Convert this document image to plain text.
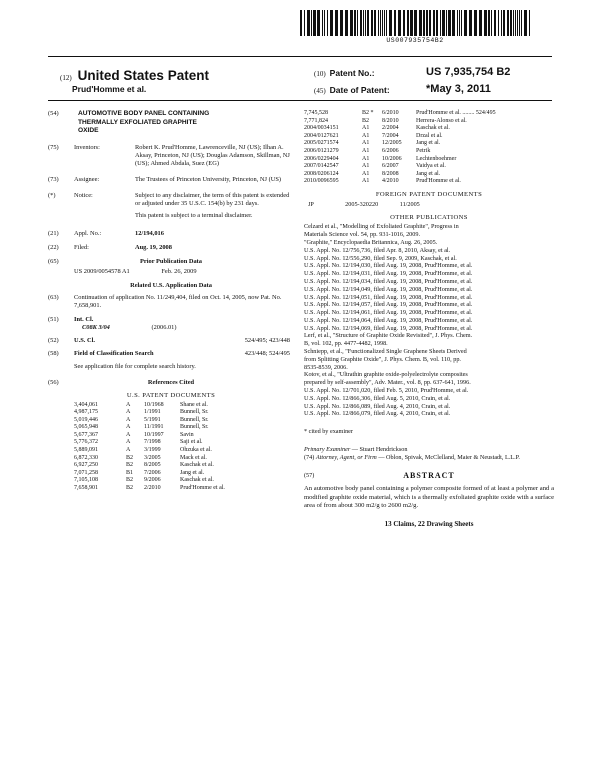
US007935754B2
(12) United States Patent
Prud'Homme et al.
(10) Patent No.:	US 7,935,754 B2
(45) Date of Patent:	*May 3, 2011
(54)	AUTOMOTIVE BODY PANEL CONTAINING
THERMALLY EXFOLIATED GRAPHITE
OXIDE
(75)	Inventors:	Robert K. Prud'Homme, Lawrenceville, NJ (US); Ilhan A. Aksay, Princeton, NJ (US); Douglas Adamson, Skillman, NJ (US); Ahmed Abdala, Suez (EG)
(73)	Assignee:	The Trustees of Princeton University, Princeton, NJ (US)
(*)	Notice:	Subject to any disclaimer, the term of this patent is extended or adjusted under 35 U.S.C. 154(b) by 231 days.
This patent is subject to a terminal disclaimer.
(21)	Appl. No.:	12/194,016
(22)	Filed:	Aug. 19, 2008
(65)	Prior Publication Data
US 2009/0054578 A1	Feb. 26, 2009
Related U.S. Application Data
(63)	Continuation of application No. 11/249,404, filed on Oct. 14, 2005, now Pat. No. 7,658,901.
(51)	Int. Cl.
C08K 3/04	(2006.01)
(52)	U.S. Cl.	524/495; 423/448
(58)	Field of Classification Search	423/448; 524/495
See application file for complete search history.
(56)	References Cited
U.S. PATENT DOCUMENTS
3,404,061	A	10/1968	Shane et al.
4,987,175	A	1/1991	Bunnell, Sr.
5,019,446	A	5/1991	Bunnell, Sr.
5,065,948	A	11/1991	Bunnell, Sr.
5,677,367	A	10/1997	Savin
5,776,372	A	7/1998	Saji et al.
5,889,091	A	3/1999	Ohzuka et al.
6,872,330	B2	3/2005	Mack et al.
6,927,250	B2	8/2005	Kaschak et al.
7,071,258	B1	7/2006	Jang et al.
7,105,108	B2	9/2006	Kaschak et al.
7,658,901	B2	2/2010	Prud'Homme et al.
7,745,528	B2 *	6/2010	Prud'Homme et al. ........ 524/495
7,771,824	B2	8/2010	Herrera-Alonso et al.
2004/0034151	A1	2/2004	Kaschak et al.
2004/0127621	A1	7/2004	Drzal et al.
2005/0271574	A1	12/2005	Jang et al.
2006/0121279	A1	6/2006	Petrik
2006/0229404	A1	10/2006	Lechtenboehmer
2007/0142547	A1	6/2007	Vaidya et al.
2008/0206124	A1	8/2008	Jang et al.
2010/0096595	A1	4/2010	Prud'Homme et al.
FOREIGN PATENT DOCUMENTS
JP	2005-320220	11/2005
OTHER PUBLICATIONS
Celzard et al., "Modelling of Exfoliated Graphite", Progress in
Materials Science vol. 54, pp. 931-1016, 2009.
"Graphite," Encyclopaedia Britannica, Aug. 26, 2005.
U.S. Appl. No. 12/756,736, filed Apr. 8, 2010, Aksay, et al.
U.S. Appl. No. 12/556,290, filed Sep. 9, 2009, Kaschak, et al.
U.S. Appl. No. 12/194,030, filed Aug. 19, 2008, Prud'Homme, et al.
U.S. Appl. No. 12/194,031, filed Aug. 19, 2008, Prud'Homme, et al.
U.S. Appl. No. 12/194,034, filed Aug. 19, 2008, Prud'Homme, et al.
U.S. Appl. No. 12/194,049, filed Aug. 19, 2008, Prud'Homme, et al.
U.S. Appl. No. 12/194,051, filed Aug. 19, 2008, Prud'Homme, et al.
U.S. Appl. No. 12/194,057, filed Aug. 19, 2008, Prud'Homme, et al.
U.S. Appl. No. 12/194,061, filed Aug. 19, 2008, Prud'Homme, et al.
U.S. Appl. No. 12/194,064, filed Aug. 19, 2008, Prud'Homme, et al.
U.S. Appl. No. 12/194,069, filed Aug. 19, 2008, Prud'Homme, et al.
Lerf, et al., "Structure of Graphite Oxide Revisited", J. Phys. Chem.
B, vol. 102, pp. 4477-4482, 1998.
Schniepp, et al., "Functionalized Single Graphene Sheets Derived
from Splitting Graphite Oxide", J. Phys. Chem. B, vol. 110, pp.
8535-8539, 2006.
Kotov, et al., "Ultrathin graphite oxide-polyelectrolyte composites
prepared by self-assembly", Adv. Mater., vol. 8, pp. 637-641, 1996.
U.S. Appl. No. 12/701,020, filed Feb. 5, 2010, Prud'Homme, et al.
U.S. Appl. No. 12/866,306, filed Aug. 5, 2010, Crain, et al.
U.S. Appl. No. 12/866,089, filed Aug. 4, 2010, Crain, et al.
U.S. Appl. No. 12/866,079, filed Aug. 4, 2010, Crain, et al.
* cited by examiner
Primary Examiner — Stuart Hendrickson
(74) Attorney, Agent, or Firm — Oblon, Spivak, McClelland, Maier & Neustadt, L.L.P.
(57)	ABSTRACT
An automotive body panel containing a polymer composite formed of at least a polymer and a modified graphite oxide material, which is a thermally exfoliated graphite oxide with a surface area of from about 300 m2/g to 2600 m2/g.
13 Claims, 22 Drawing Sheets
